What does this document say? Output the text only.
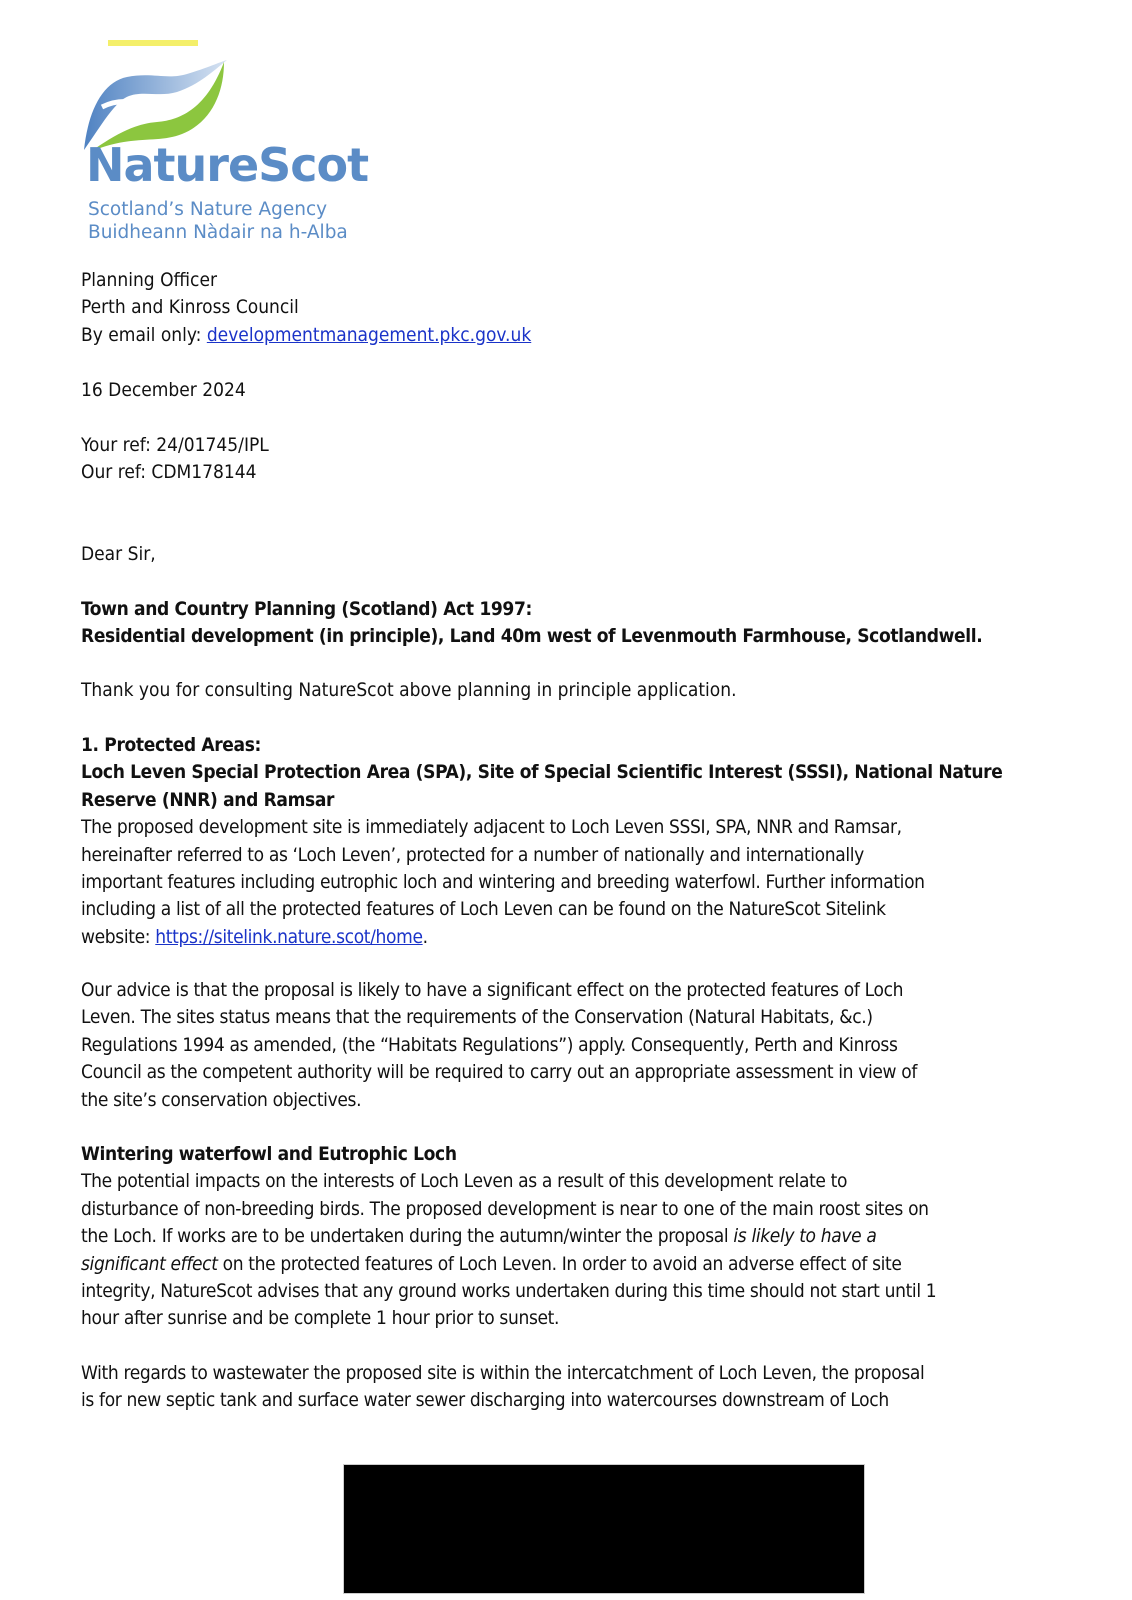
NatureScot
Scotland’s Nature Agency
Buidheann Nàdair na h-Alba
Planning Officer
Perth and Kinross Council
By email only: developmentmanagement.pkc.gov.uk
16 December 2024
Your ref: 24/01745/IPL
Our ref: CDM178144
Dear Sir,
Town and Country Planning (Scotland) Act 1997:
Residential development (in principle), Land 40m west of Levenmouth Farmhouse, Scotlandwell.
Thank you for consulting NatureScot above planning in principle application.
1. Protected Areas:
Loch Leven Special Protection Area (SPA), Site of Special Scientific Interest (SSSI), National Nature
Reserve (NNR) and Ramsar
The proposed development site is immediately adjacent to Loch Leven SSSI, SPA, NNR and Ramsar,
hereinafter referred to as ‘Loch Leven’, protected for a number of nationally and internationally
important features including eutrophic loch and wintering and breeding waterfowl. Further information
including a list of all the protected features of Loch Leven can be found on the NatureScot Sitelink
website: https://sitelink.nature.scot/home.
Our advice is that the proposal is likely to have a significant effect on the protected features of Loch
Leven. The sites status means that the requirements of the Conservation (Natural Habitats, &c.)
Regulations 1994 as amended, (the “Habitats Regulations”) apply. Consequently, Perth and Kinross
Council as the competent authority will be required to carry out an appropriate assessment in view of
the site’s conservation objectives.
Wintering waterfowl and Eutrophic Loch
The potential impacts on the interests of Loch Leven as a result of this development relate to
disturbance of non-breeding birds. The proposed development is near to one of the main roost sites on
the Loch. If works are to be undertaken during the autumn/winter the proposal is likely to have a
significant effect on the protected features of Loch Leven. In order to avoid an adverse effect of site
integrity, NatureScot advises that any ground works undertaken during this time should not start until 1
hour after sunrise and be complete 1 hour prior to sunset.
With regards to wastewater the proposed site is within the intercatchment of Loch Leven, the proposal
is for new septic tank and surface water sewer discharging into watercourses downstream of Loch
